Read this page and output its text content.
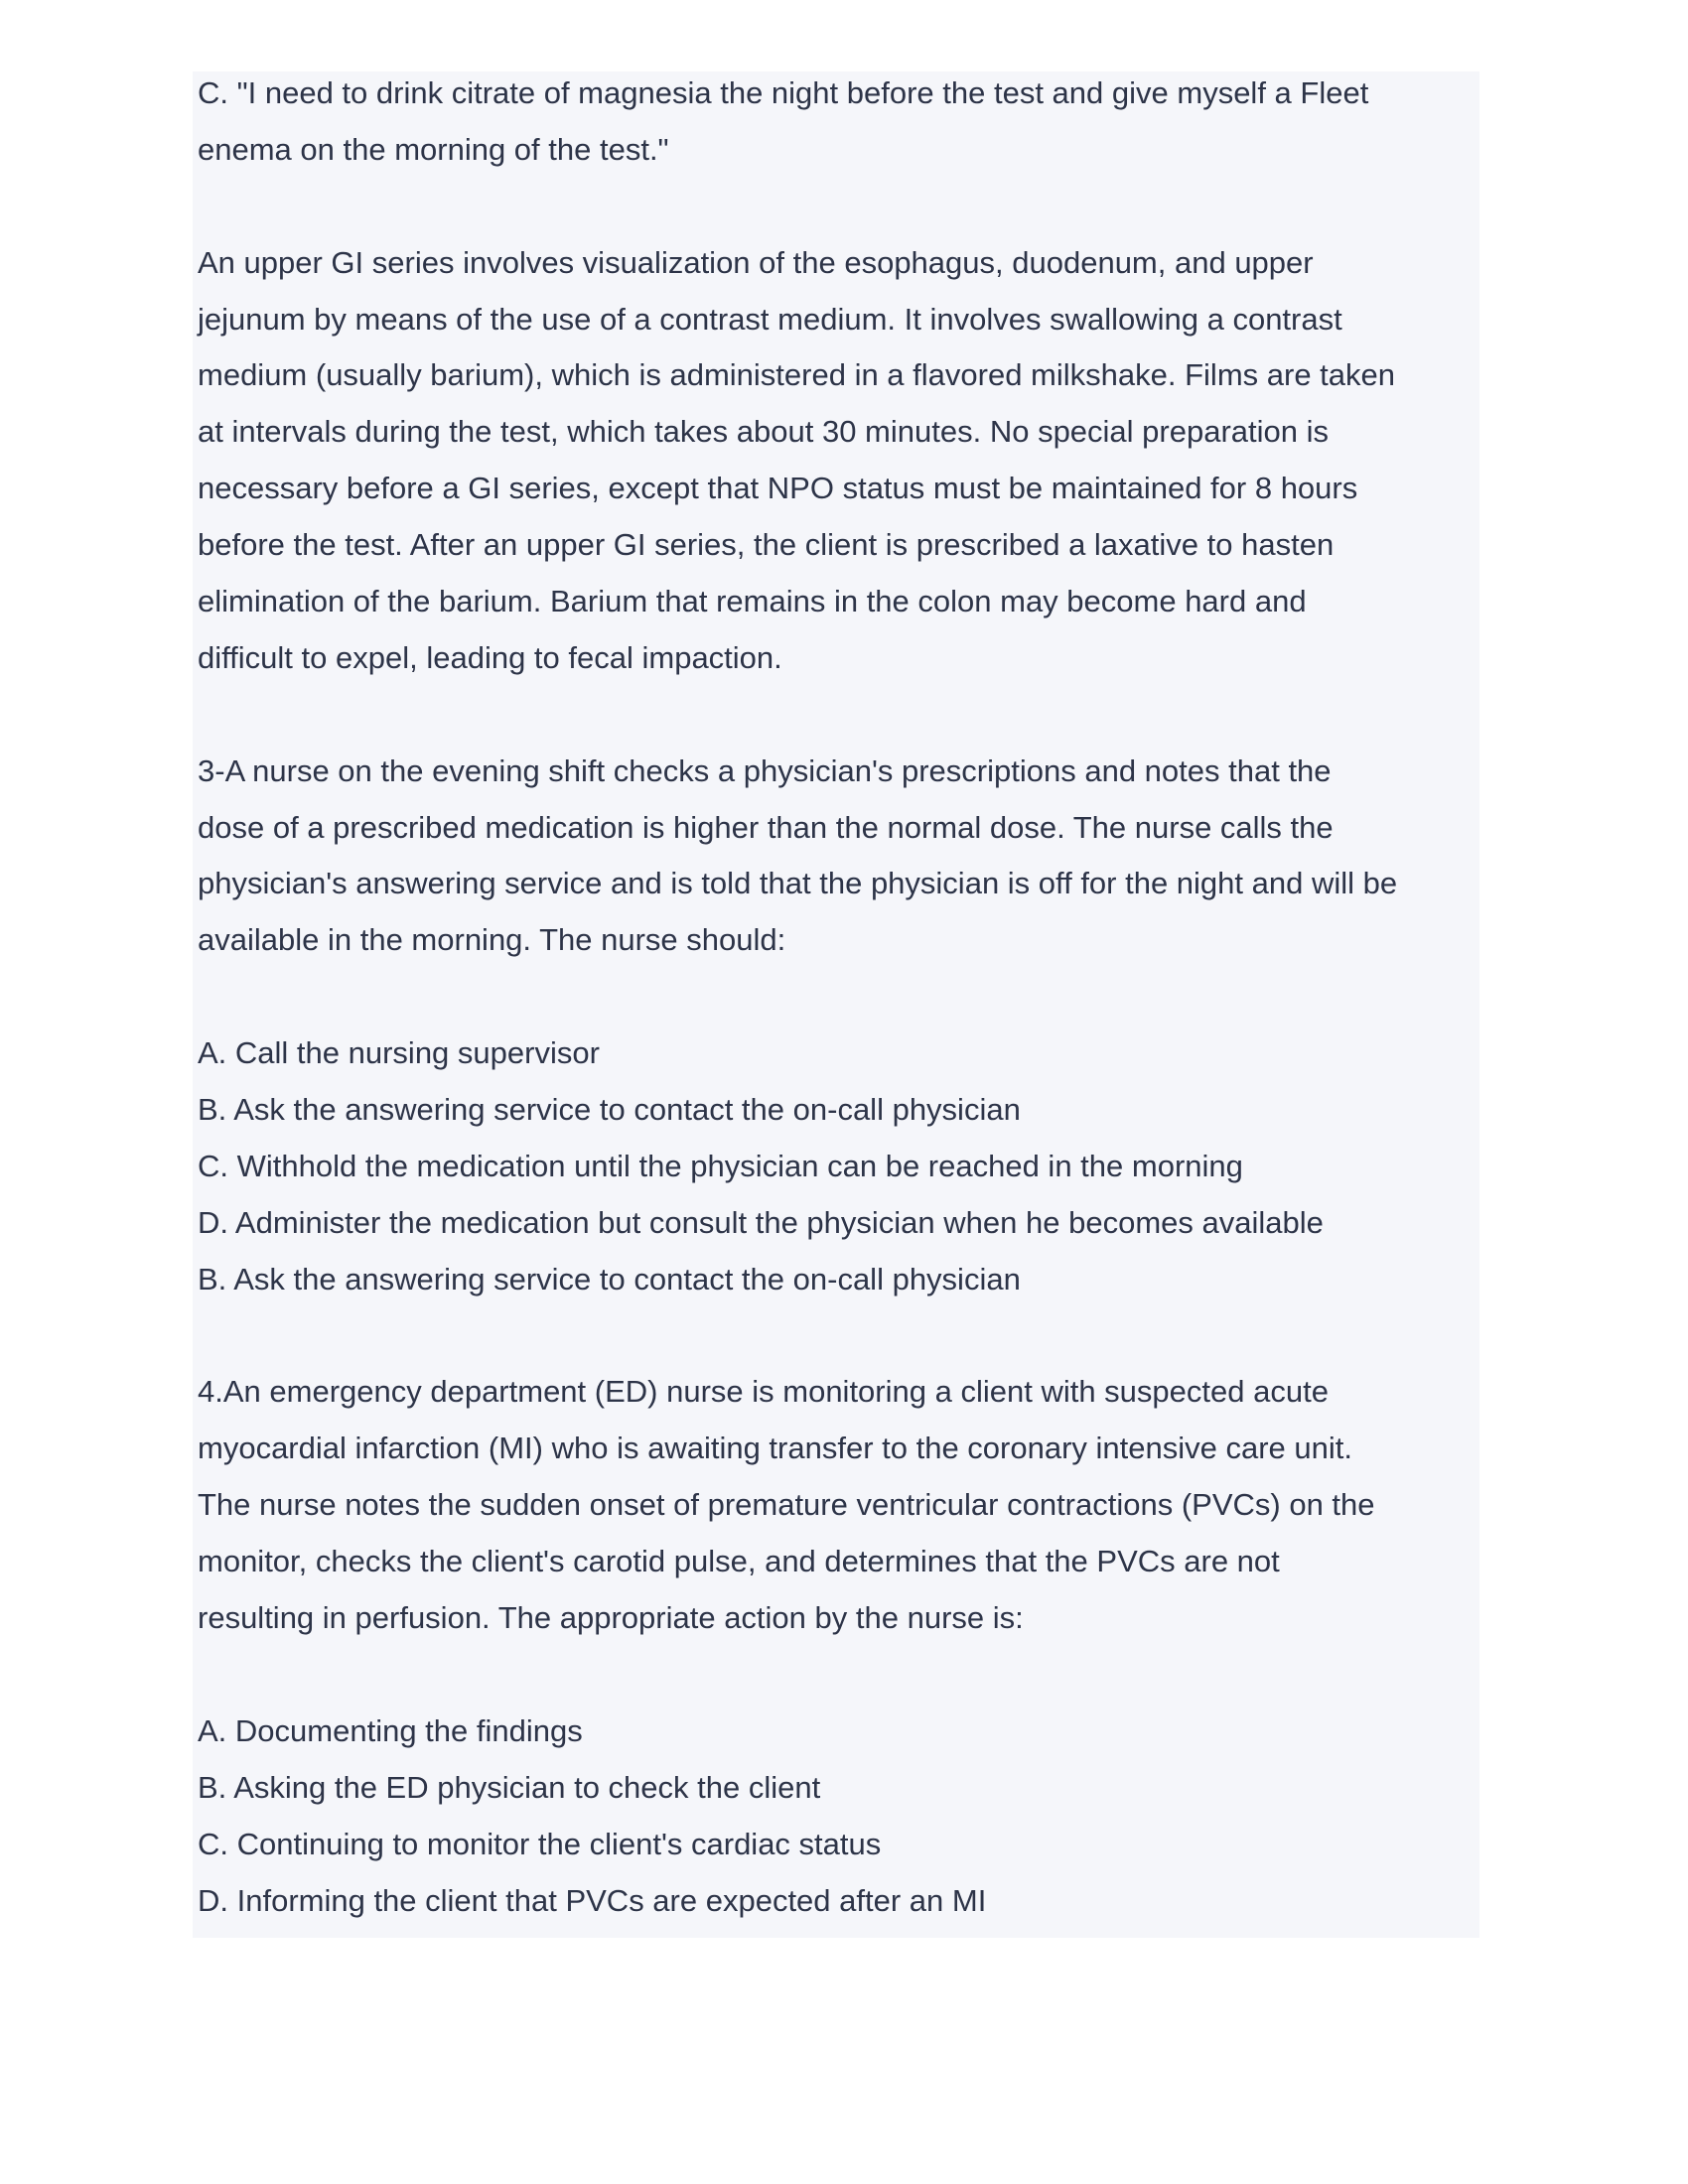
C. "I need to drink citrate of magnesia the night before the test and give myself a Fleet
enema on the morning of the test."
An upper GI series involves visualization of the esophagus, duodenum, and upper
jejunum by means of the use of a contrast medium. It involves swallowing a contrast
medium (usually barium), which is administered in a flavored milkshake. Films are taken
at intervals during the test, which takes about 30 minutes. No special preparation is
necessary before a GI series, except that NPO status must be maintained for 8 hours
before the test. After an upper GI series, the client is prescribed a laxative to hasten
elimination of the barium. Barium that remains in the colon may become hard and
difficult to expel, leading to fecal impaction.
3-A nurse on the evening shift checks a physician's prescriptions and notes that the
dose of a prescribed medication is higher than the normal dose. The nurse calls the
physician's answering service and is told that the physician is off for the night and will be
available in the morning. The nurse should:
A. Call the nursing supervisor
B. Ask the answering service to contact the on-call physician
C. Withhold the medication until the physician can be reached in the morning
D. Administer the medication but consult the physician when he becomes available
B. Ask the answering service to contact the on-call physician
4.An emergency department (ED) nurse is monitoring a client with suspected acute
myocardial infarction (MI) who is awaiting transfer to the coronary intensive care unit.
The nurse notes the sudden onset of premature ventricular contractions (PVCs) on the
monitor, checks the client's carotid pulse, and determines that the PVCs are not
resulting in perfusion. The appropriate action by the nurse is:
A. Documenting the findings
B. Asking the ED physician to check the client
C. Continuing to monitor the client's cardiac status
D. Informing the client that PVCs are expected after an MI
